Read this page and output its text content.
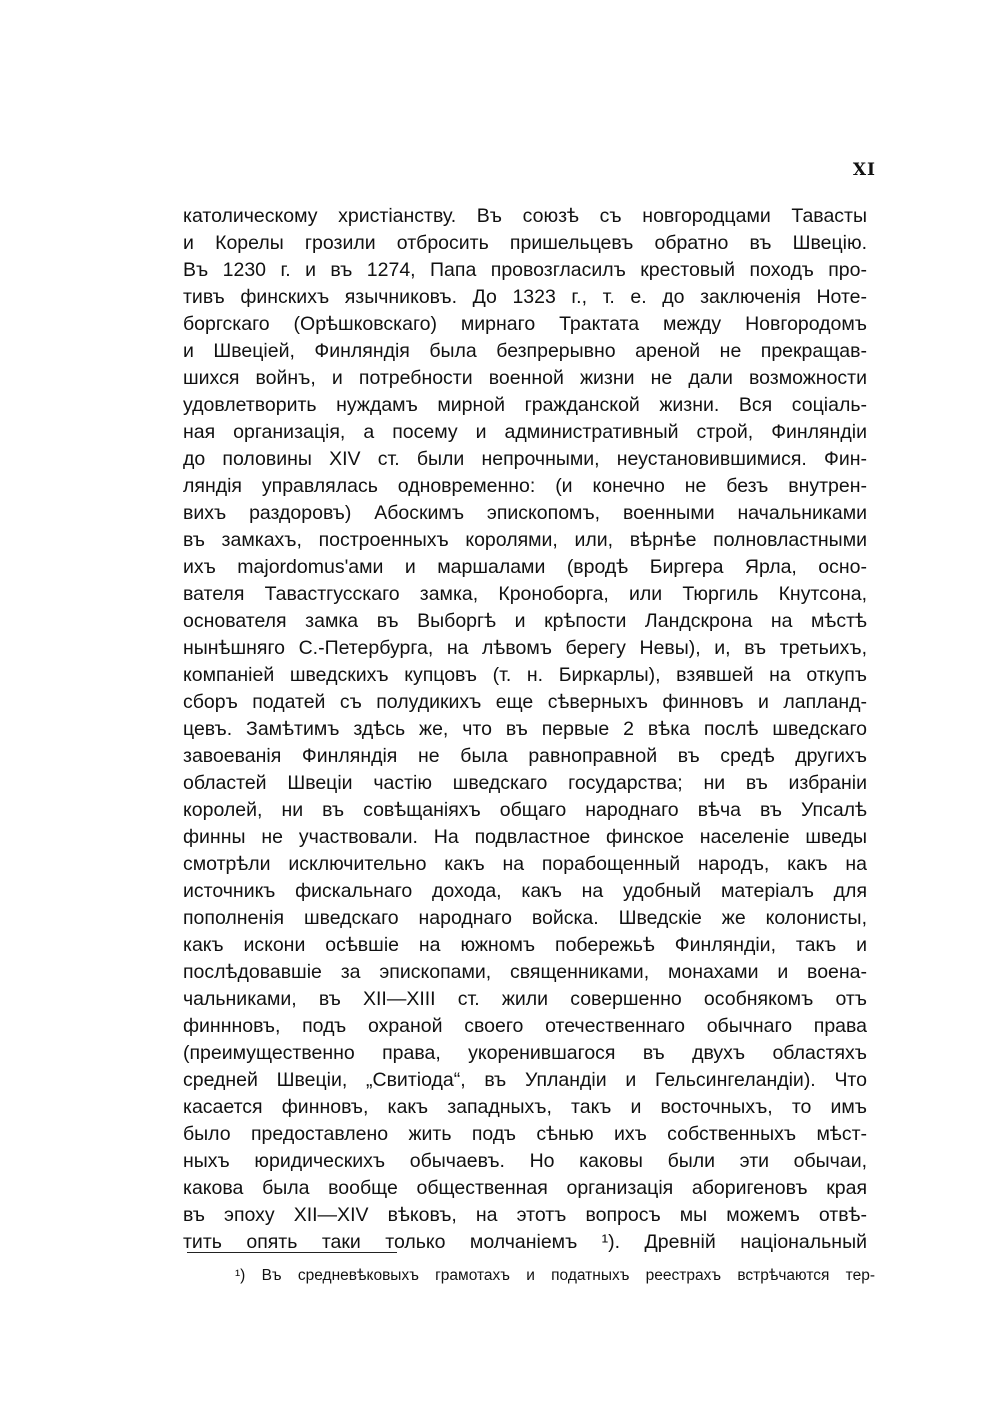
XI
католическому христіанству. Въ союзѣ съ новгородцами Тавасты
и Корелы грозили отбросить пришельцевъ обратно въ Швецію.
Въ 1230 г. и въ 1274, Папа провозгласилъ крестовый походъ про-
тивъ финскихъ язычниковъ. До 1323 г., т. е. до заключенія Ноте-
боргскаго (Орѣшковскаго) мирнаго Трактата между Новгородомъ
и Швеціей, Финляндія была безпрерывно ареной не прекращав-
шихся войнъ, и потребности военной жизни не дали возможности
удовлетворить нуждамъ мирной гражданской жизни. Вся соціаль-
ная организація, а посему и административный строй, Финляндіи
до половины XIV ст. были непрочными, неустановившимися. Фин-
ляндія управлялась одновременно: (и конечно не безъ внутрен-
вихъ раздоровъ) Абоскимъ эпископомъ, военными начальниками
въ замкахъ, построенныхъ королями, или, вѣрнѣе полновластными
ихъ majordomus'ами и маршалами (вродѣ Биргера Ярла, осно-
вателя Тавастгусскаго замка, Кроноборга, или Тюргиль Кнутсона,
основателя замка въ Выборгѣ и крѣпости Ландскрона на мѣстѣ
нынѣшняго С.-Петербурга, на лѣвомъ берегу Невы), и, въ третьихъ,
компаніей шведскихъ купцовъ (т. н. Биркарлы), взявшей на откупъ
сборъ податей съ полудикихъ еще сѣверныхъ финновъ и лапланд-
цевъ. Замѣтимъ здѣсь же, что въ первые 2 вѣка послѣ шведскаго
завоеванія Финляндія не была равноправной въ средѣ другихъ
областей Швеціи частію шведскаго государства; ни въ избраніи
королей, ни въ совѣщаніяхъ общаго народнаго вѣча въ Упсалѣ
финны не участвовали. На подвластное финское населеніе шведы
смотрѣли исключительно какъ на порабощенный народъ, какъ на
источникъ фискальнаго дохода, какъ на удобный матеріалъ для
пополненія шведскаго народнаго войска. Шведскіе же колонисты,
какъ искони осѣвшіе на южномъ побережьѣ Финляндіи, такъ и
послѣдовавшіе за эпископами, священниками, монахами и воена-
чальниками, въ XII—XIII ст. жили совершенно особнякомъ отъ
финнновъ, подъ охраной своего отечественнаго обычнаго права
(преимущественно права, укоренившагося въ двухъ областяхъ
средней Швеціи, „Свитіода“, въ Упландіи и Гельсингеландіи). Что
касается финновъ, какъ западныхъ, такъ и восточныхъ, то имъ
было предоставлено жить подъ сѣнью ихъ собственныхъ мѣст-
ныхъ юридическихъ обычаевъ. Но каковы были эти обычаи,
какова была вообще общественная организація аборигеновъ края
въ эпоху XII—XIV вѣковъ, на этотъ вопросъ мы можемъ отвѣ-
тить опять таки только молчаніемъ ¹). Древній національный
¹) Въ средневѣковыхъ грамотахъ и податныхъ реестрахъ встрѣчаются тер-
